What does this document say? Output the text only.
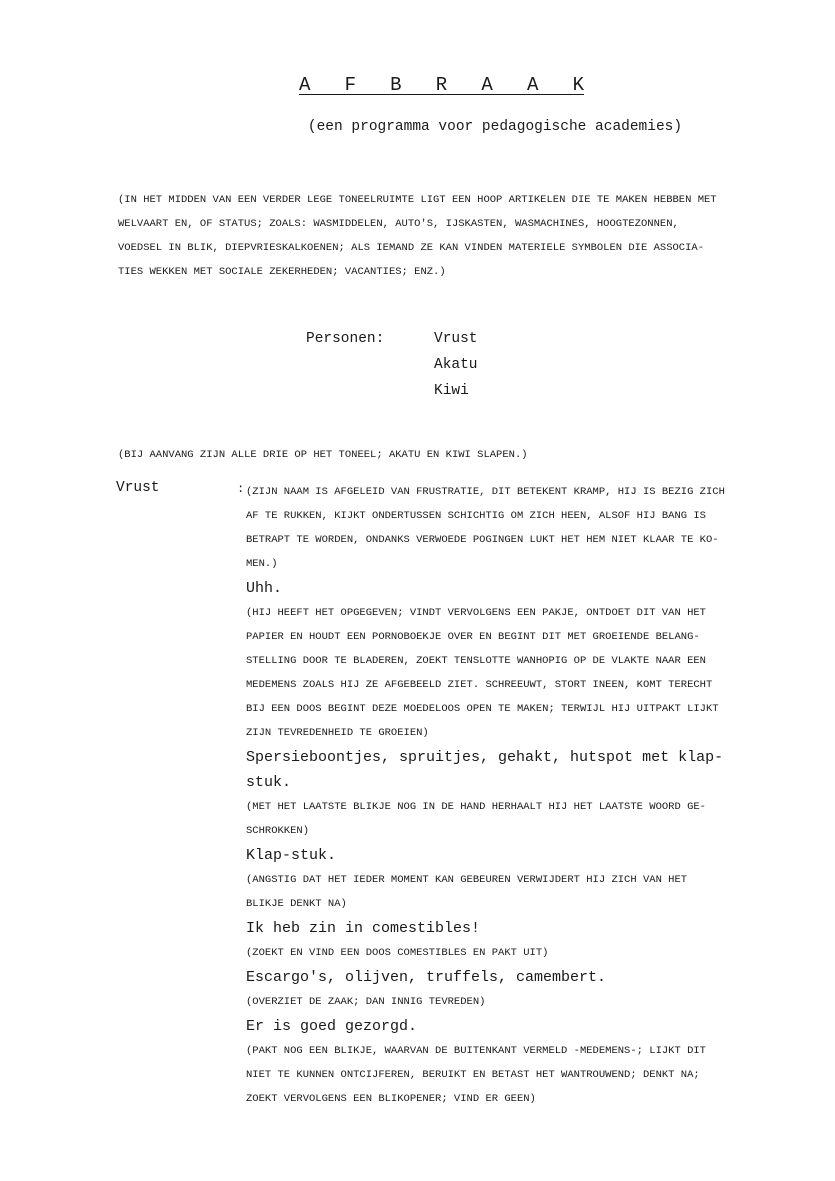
A   F   B   R   A   A   K
(een programma voor pedagogische academies)
(IN HET MIDDEN VAN EEN VERDER LEGE TONEELRUIMTE LIGT EEN HOOP ARTIKELEN DIE TE MAKEN HEBBEN MET
WELVAART EN, OF STATUS; ZOALS: WASMIDDELEN, AUTO'S, IJSKASTEN, WASMACHINES, HOOGTEZONNEN,
VOEDSEL IN BLIK, DIEPVRIESKALKOENEN; ALS IEMAND ZE KAN VINDEN MATERIELE SYMBOLEN DIE ASSOCIA-
TIES WEKKEN MET SOCIALE ZEKERHEDEN; VACANTIES; ENZ.)
Personen:	Vrust
Akatu
Kiwi
(BIJ AANVANG ZIJN ALLE DRIE OP HET TONEEL; AKATU EN KIWI SLAPEN.)
Vrust	: (ZIJN NAAM IS AFGELEID VAN FRUSTRATIE, DIT BETEKENT KRAMP, HIJ IS BEZIG ZICH
AF TE RUKKEN, KIJKT ONDERTUSSEN SCHICHTIG OM ZICH HEEN, ALSOF HIJ BANG IS
BETRAPT TE WORDEN, ONDANKS VERWOEDE POGINGEN LUKT HET HEM NIET KLAAR TE KO-
MEN.)
Uhh.
(HIJ HEEFT HET OPGEGEVEN; VINDT VERVOLGENS EEN PAKJE, ONTDOET DIT VAN HET
PAPIER EN HOUDT EEN PORNOBOEKJE OVER EN BEGINT DIT MET GROEIENDE BELANG-
STELLING DOOR TE BLADEREN, ZOEKT TENSLOTTE WANHOPIG OP DE VLAKTE NAAR EEN
MEDEMENS ZOALS HIJ ZE AFGEBEELD ZIET. SCHREEUWT, STORT INEEN, KOMT TERECHT
BIJ EEN DOOS BEGINT DEZE MOEDELOOS OPEN TE MAKEN; TERWIJL HIJ UITPAKT LIJKT
ZIJN TEVREDENHEID TE GROEIEN)
Spersieboontjes, spruitjes, gehakt, hutspot met klap-
stuk.
(MET HET LAATSTE BLIKJE NOG IN DE HAND HERHAALT HIJ HET LAATSTE WOORD GE-
SCHROKKEN)
Klap-stuk.
(ANGSTIG DAT HET IEDER MOMENT KAN GEBEUREN VERWIJDERT HIJ ZICH VAN HET
BLIKJE DENKT NA)
Ik heb zin in comestibles!
(ZOEKT EN VIND EEN DOOS COMESTIBLES EN PAKT UIT)
Escargo's, olijven, truffels, camembert.
(OVERZIET DE ZAAK; DAN INNIG TEVREDEN)
Er is goed gezorgd.
(PAKT NOG EEN BLIKJE, WAARVAN DE BUITENKANT VERMELD -MEDEMENS-; LIJKT DIT
NIET TE KUNNEN ONTCIJFEREN, BERUIKT EN BETAST HET WANTROUWEND; DENKT NA;
ZOEKT VERVOLGENS EEN BLIKOPENER; VIND ER GEEN)
